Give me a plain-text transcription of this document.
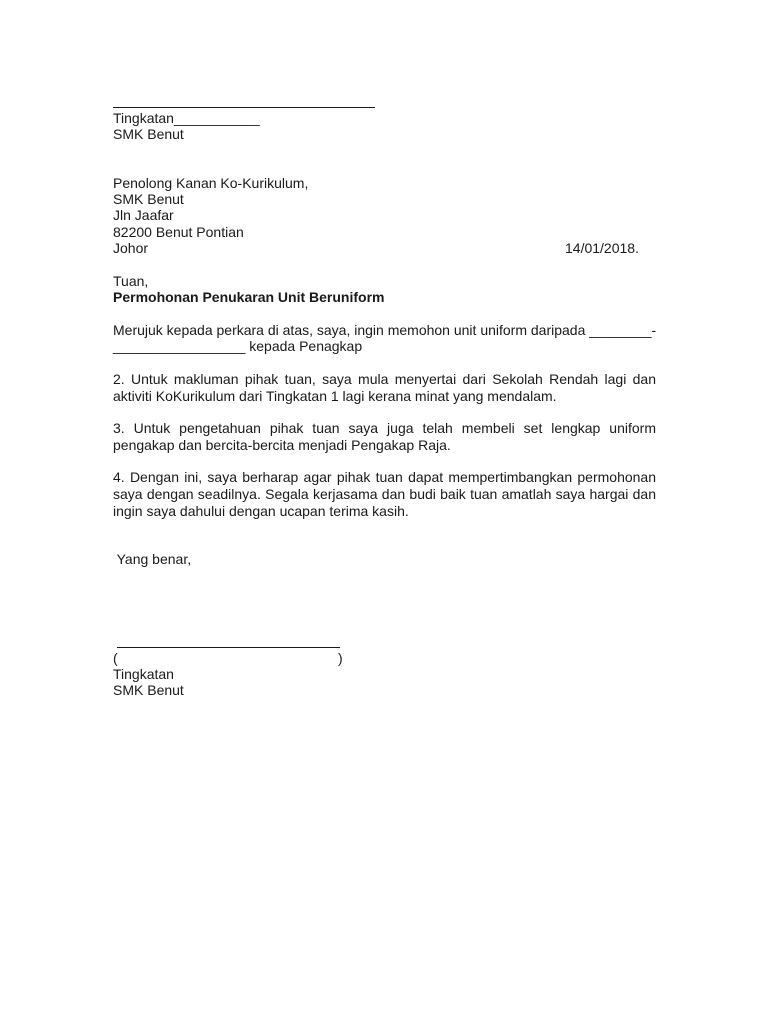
Tingkatan___________
SMK Benut
Penolong Kanan Ko-Kurikulum,
SMK Benut
Jln Jaafar
82200 Benut Pontian
Johor	14/01/2018.
Tuan,
Permohonan Penukaran Unit Beruniform
Merujuk kepada perkara di atas, saya, ingin memohon unit uniform daripada ________-
_________________ kepada Penagkap
2. Untuk makluman pihak tuan, saya mula menyertai dari Sekolah Rendah lagi dan aktiviti KoKurikulum dari Tingkatan 1 lagi kerana minat yang mendalam.
3. Untuk pengetahuan pihak tuan saya juga telah membeli set lengkap uniform pengakap dan bercita-bercita menjadi Pengakap Raja.
4. Dengan ini, saya berharap agar pihak tuan dapat mempertimbangkan permohonan saya dengan seadilnya. Segala kerjasama dan budi baik tuan amatlah saya hargai dan ingin saya dahului dengan ucapan terima kasih.
Yang benar,
(	)
Tingkatan
SMK Benut
